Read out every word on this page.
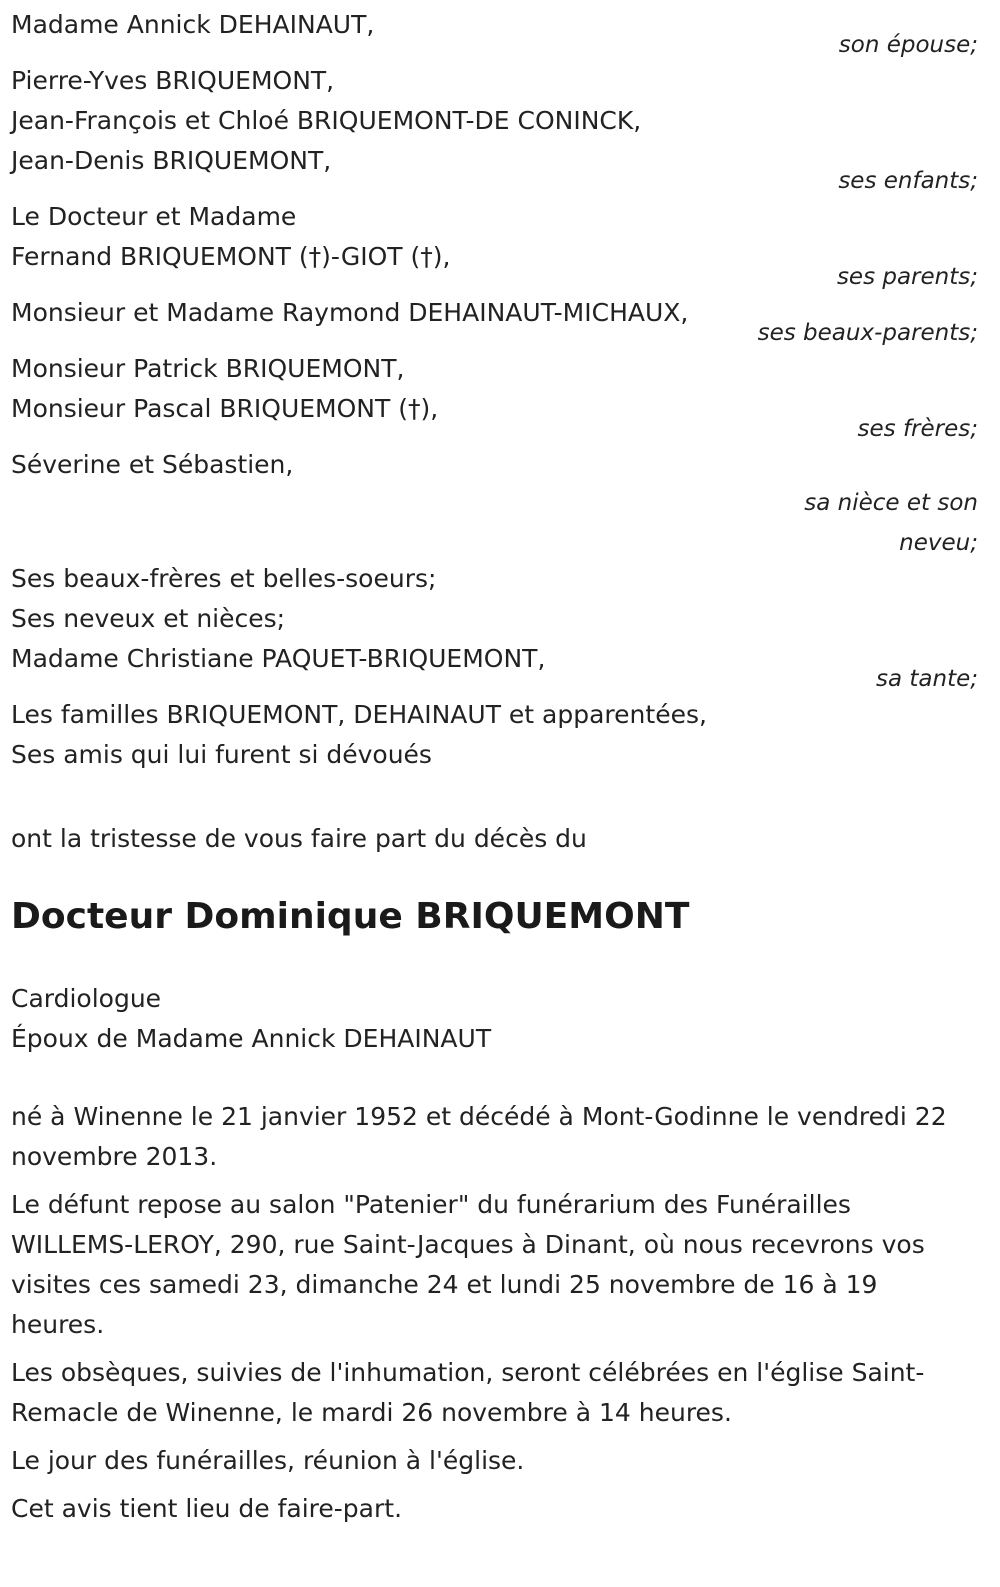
Madame Annick DEHAINAUT,
son épouse;
Pierre-Yves BRIQUEMONT,
Jean-François et Chloé BRIQUEMONT-DE CONINCK,
Jean-Denis BRIQUEMONT,
ses enfants;
Le Docteur et Madame
Fernand BRIQUEMONT (†)-GIOT (†),
ses parents;
Monsieur et Madame Raymond DEHAINAUT-MICHAUX,
ses beaux-parents;
Monsieur Patrick BRIQUEMONT,
Monsieur Pascal BRIQUEMONT (†),
ses frères;
Séverine et Sébastien,
sa nièce et son
neveu;
Ses beaux-frères et belles-soeurs;
Ses neveux et nièces;
Madame Christiane PAQUET-BRIQUEMONT,
sa tante;
Les familles BRIQUEMONT, DEHAINAUT et apparentées,
Ses amis qui lui furent si dévoués

ont la tristesse de vous faire part du décès du

Docteur Dominique BRIQUEMONT
Cardiologue
Époux de Madame Annick DEHAINAUT

né à Winenne le 21 janvier 1952 et décédé à Mont-Godinne le vendredi 22 novembre 2013.

Le défunt repose au salon "Patenier" du funérarium des Funérailles WILLEMS-LEROY, 290, rue Saint-Jacques à Dinant, où nous recevrons vos visites ces samedi 23, dimanche 24 et lundi 25 novembre de 16 à 19 heures.

Les obsèques, suivies de l'inhumation, seront célébrées en l'église Saint-Remacle de Winenne, le mardi 26 novembre à 14 heures.

Le jour des funérailles, réunion à l'église.

Cet avis tient lieu de faire-part.
